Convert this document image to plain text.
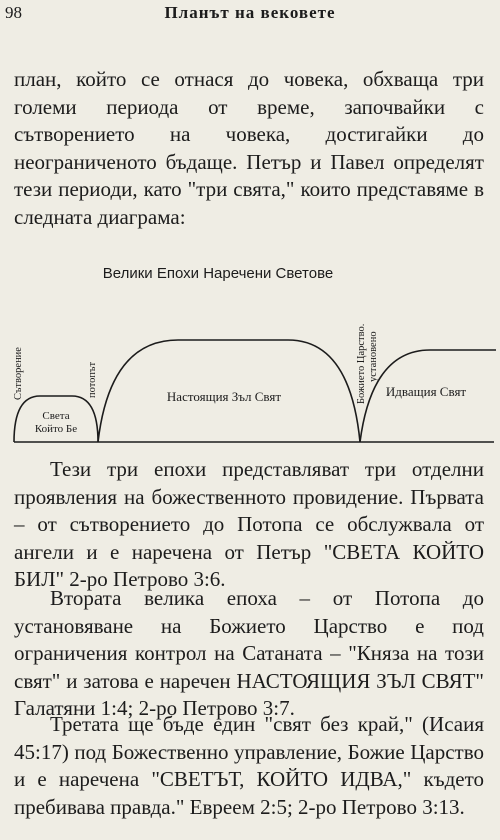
98	Планът на вековете

план, който се отнася до човека, обхваща три големи периода от време, започвайки с сътворението на човека, достигайки до неограниченото бъдаще. Петър и Павел определят тези периоди, като "три свята," които представяме в следната диаграма:

Велики Епохи Наречени Светове
Света
Който Бе
Настоящия Зъл Свят	Идващия Свят
Сътворение	потопът	Божието Царство. установено

Тези три епохи представляват три отделни проявления на божественното провидение. Първата – от сътворението до Потопа се обслужвала от ангели и е наречена от Петър "СВЕТА КОЙТО БИЛ" 2-ро Петрово 3:6.

Втората велика епоха – от Потопа до установяване на Божието Царство е под ограничения контрол на Сатаната – "Княза на този свят" и затова е наречен НАСТОЯЩИЯ ЗЪЛ СВЯТ" Галатяни 1:4; 2-ро Петрово 3:7.

Третата ще бъде един "свят без край," (Исаия 45:17) под Божественно управление, Божие Царство и е наречена "СВЕТЪТ, КОЙТО ИДВА," където пребивава правда." Евреем 2:5; 2-ро Петрово 3:13.
